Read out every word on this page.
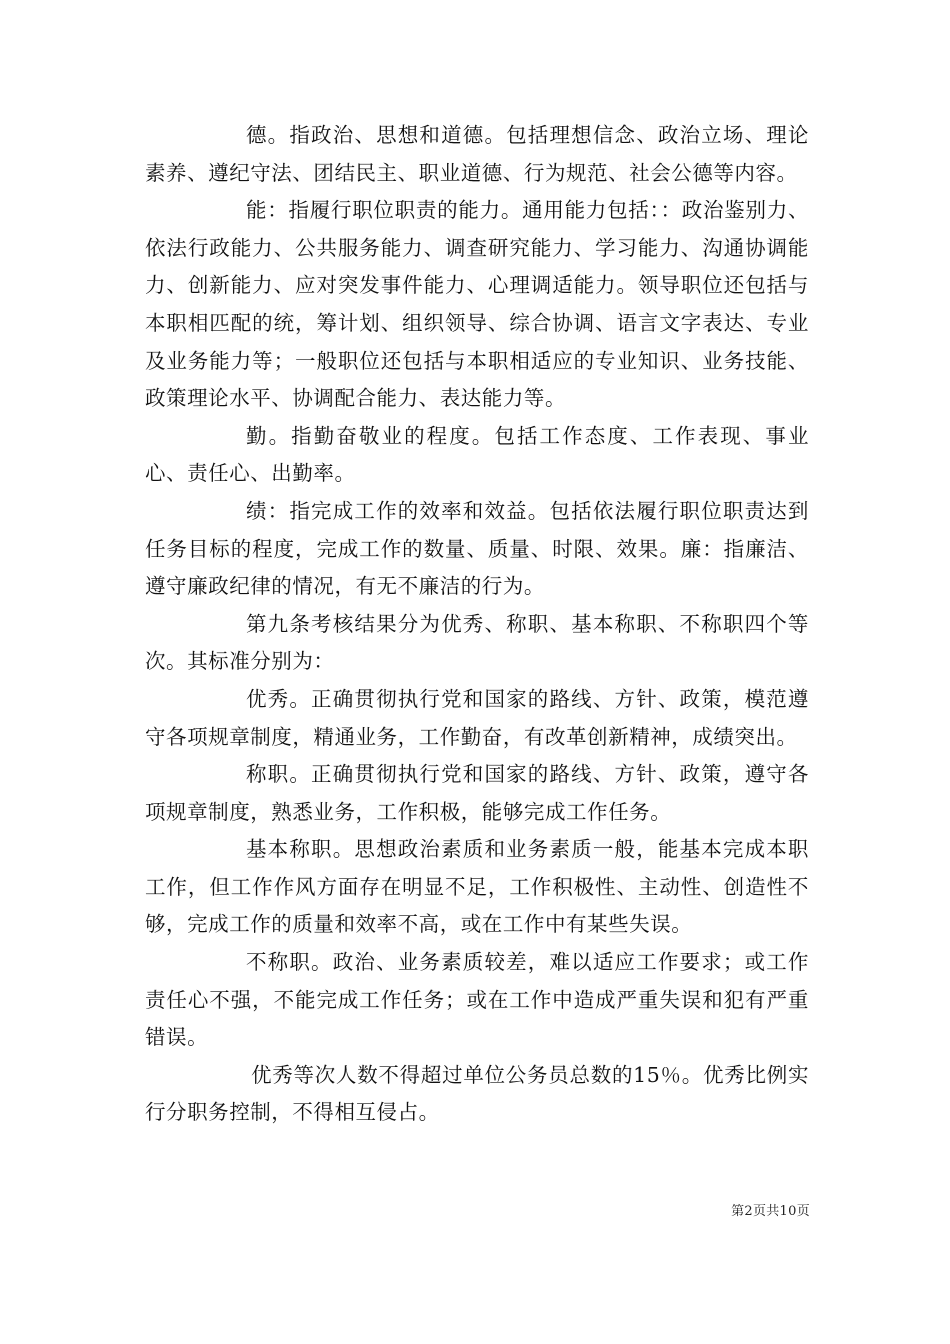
德。指政治、思想和道德。包括理想信念、政治立场、理论素养、遵纪守法、团结民主、职业道德、行为规范、社会公德等内容。

能：指履行职位职责的能力。通用能力包括：：政治鉴别力、依法行政能力、公共服务能力、调查研究能力、学习能力、沟通协调能力、创新能力、应对突发事件能力、心理调适能力。领导职位还包括与本职相匹配的统，筹计划、组织领导、综合协调、语言文字表达、专业及业务能力等；一般职位还包括与本职相适应的专业知识、业务技能、政策理论水平、协调配合能力、表达能力等。

勤。指勤奋敬业的程度。包括工作态度、工作表现、事业心、责任心、出勤率。

绩：指完成工作的效率和效益。包括依法履行职位职责达到任务目标的程度，完成工作的数量、质量、时限、效果。廉：指廉洁、遵守廉政纪律的情况，有无不廉洁的行为。

第九条考核结果分为优秀、称职、基本称职、不称职四个等次。其标准分别为：

优秀。正确贯彻执行党和国家的路线、方针、政策，模范遵守各项规章制度，精通业务，工作勤奋，有改革创新精神，成绩突出。

称职。正确贯彻执行党和国家的路线、方针、政策，遵守各项规章制度，熟悉业务，工作积极，能够完成工作任务。

基本称职。思想政治素质和业务素质一般，能基本完成本职工作，但工作作风方面存在明显不足，工作积极性、主动性、创造性不够，完成工作的质量和效率不高，或在工作中有某些失误。

不称职。政治、业务素质较差，难以适应工作要求；或工作责任心不强，不能完成工作任务；或在工作中造成严重失误和犯有严重错误。

优秀等次人数不得超过单位公务员总数的15％。优秀比例实行分职务控制，不得相互侵占。

第2页共10页
